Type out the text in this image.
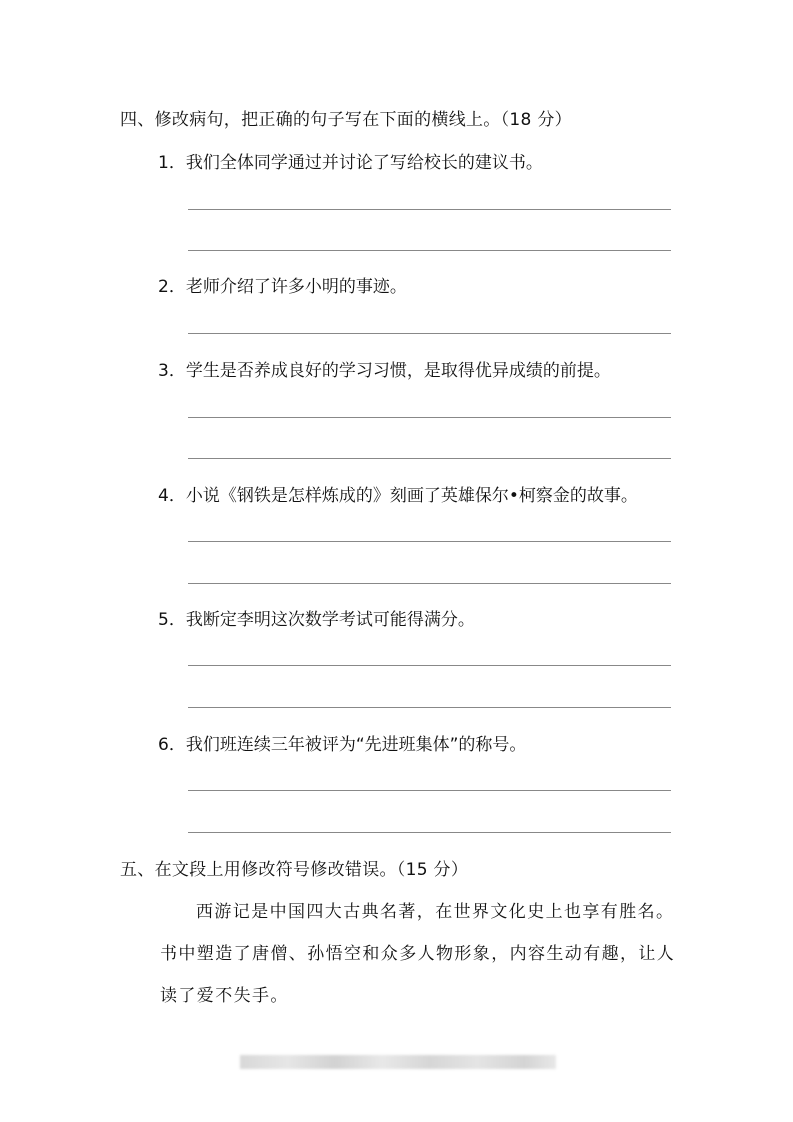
四、修改病句，把正确的句子写在下面的横线上。（18 分）
1．我们全体同学通过并讨论了写给校长的建议书。
2．老师介绍了许多小明的事迹。
3．学生是否养成良好的学习习惯，是取得优异成绩的前提。
4．小说《钢铁是怎样炼成的》刻画了英雄保尔•柯察金的故事。
5．我断定李明这次数学考试可能得满分。
6．我们班连续三年被评为“先进班集体”的称号。
五、在文段上用修改符号修改错误。（15 分）
西游记是中国四大古典名著，在世界文化史上也享有胜名。
书中塑造了唐僧、孙悟空和众多人物形象，内容生动有趣，让人
读了爱不失手。
